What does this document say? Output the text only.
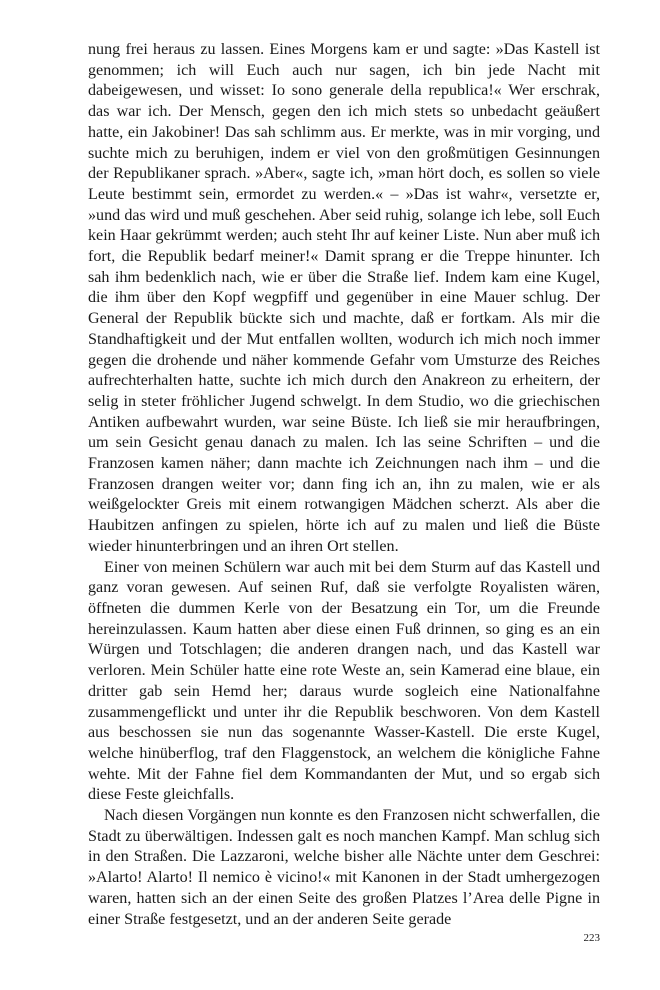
nung frei heraus zu lassen. Eines Morgens kam er und sagte: »Das Kastell ist genommen; ich will Euch auch nur sagen, ich bin jede Nacht mit dabeigewesen, und wisset: Io sono generale della republica!« Wer erschrak, das war ich. Der Mensch, gegen den ich mich stets so unbedacht geäußert hatte, ein Jakobiner! Das sah schlimm aus. Er merkte, was in mir vorging, und suchte mich zu beruhigen, indem er viel von den großmütigen Gesinnungen der Republikaner sprach. »Aber«, sagte ich, »man hört doch, es sollen so viele Leute bestimmt sein, ermordet zu werden.« – »Das ist wahr«, versetzte er, »und das wird und muß geschehen. Aber seid ruhig, solange ich lebe, soll Euch kein Haar gekrümmt werden; auch steht Ihr auf keiner Liste. Nun aber muß ich fort, die Republik bedarf meiner!« Damit sprang er die Treppe hinunter. Ich sah ihm bedenklich nach, wie er über die Straße lief. Indem kam eine Kugel, die ihm über den Kopf wegpfiff und gegenüber in eine Mauer schlug. Der General der Republik bückte sich und machte, daß er fortkam. Als mir die Standhaftigkeit und der Mut entfallen wollten, wodurch ich mich noch immer gegen die drohende und näher kommende Gefahr vom Umsturze des Reiches aufrechterhalten hatte, suchte ich mich durch den Anakreon zu erheitern, der selig in steter fröhlicher Jugend schwelgt. In dem Studio, wo die griechischen Antiken aufbewahrt wurden, war seine Büste. Ich ließ sie mir heraufbringen, um sein Gesicht genau danach zu malen. Ich las seine Schriften – und die Franzosen kamen näher; dann machte ich Zeichnungen nach ihm – und die Franzosen drangen weiter vor; dann fing ich an, ihn zu malen, wie er als weißgelockter Greis mit einem rotwangigen Mädchen scherzt. Als aber die Haubitzen anfingen zu spielen, hörte ich auf zu malen und ließ die Büste wieder hinunterbringen und an ihren Ort stellen.

Einer von meinen Schülern war auch mit bei dem Sturm auf das Kastell und ganz voran gewesen. Auf seinen Ruf, daß sie verfolgte Royalisten wären, öffneten die dummen Kerle von der Besatzung ein Tor, um die Freunde hereinzulassen. Kaum hatten aber diese einen Fuß drinnen, so ging es an ein Würgen und Totschlagen; die anderen drangen nach, und das Kastell war verloren. Mein Schüler hatte eine rote Weste an, sein Kamerad eine blaue, ein dritter gab sein Hemd her; daraus wurde sogleich eine Nationalfahne zusammengeflickt und unter ihr die Republik beschworen. Von dem Kastell aus beschossen sie nun das sogenannte Wasser-Kastell. Die erste Kugel, welche hinüberflog, traf den Flaggenstock, an welchem die königliche Fahne wehte. Mit der Fahne fiel dem Kommandanten der Mut, und so ergab sich diese Feste gleichfalls.

Nach diesen Vorgängen nun konnte es den Franzosen nicht schwerfallen, die Stadt zu überwältigen. Indessen galt es noch manchen Kampf. Man schlug sich in den Straßen. Die Lazzaroni, welche bisher alle Nächte unter dem Geschrei: »Alarto! Alarto! Il nemico è vicino!« mit Kanonen in der Stadt umhergezogen waren, hatten sich an der einen Seite des großen Platzes l’Area delle Pigne in einer Straße festgesetzt, und an der anderen Seite gerade

223
